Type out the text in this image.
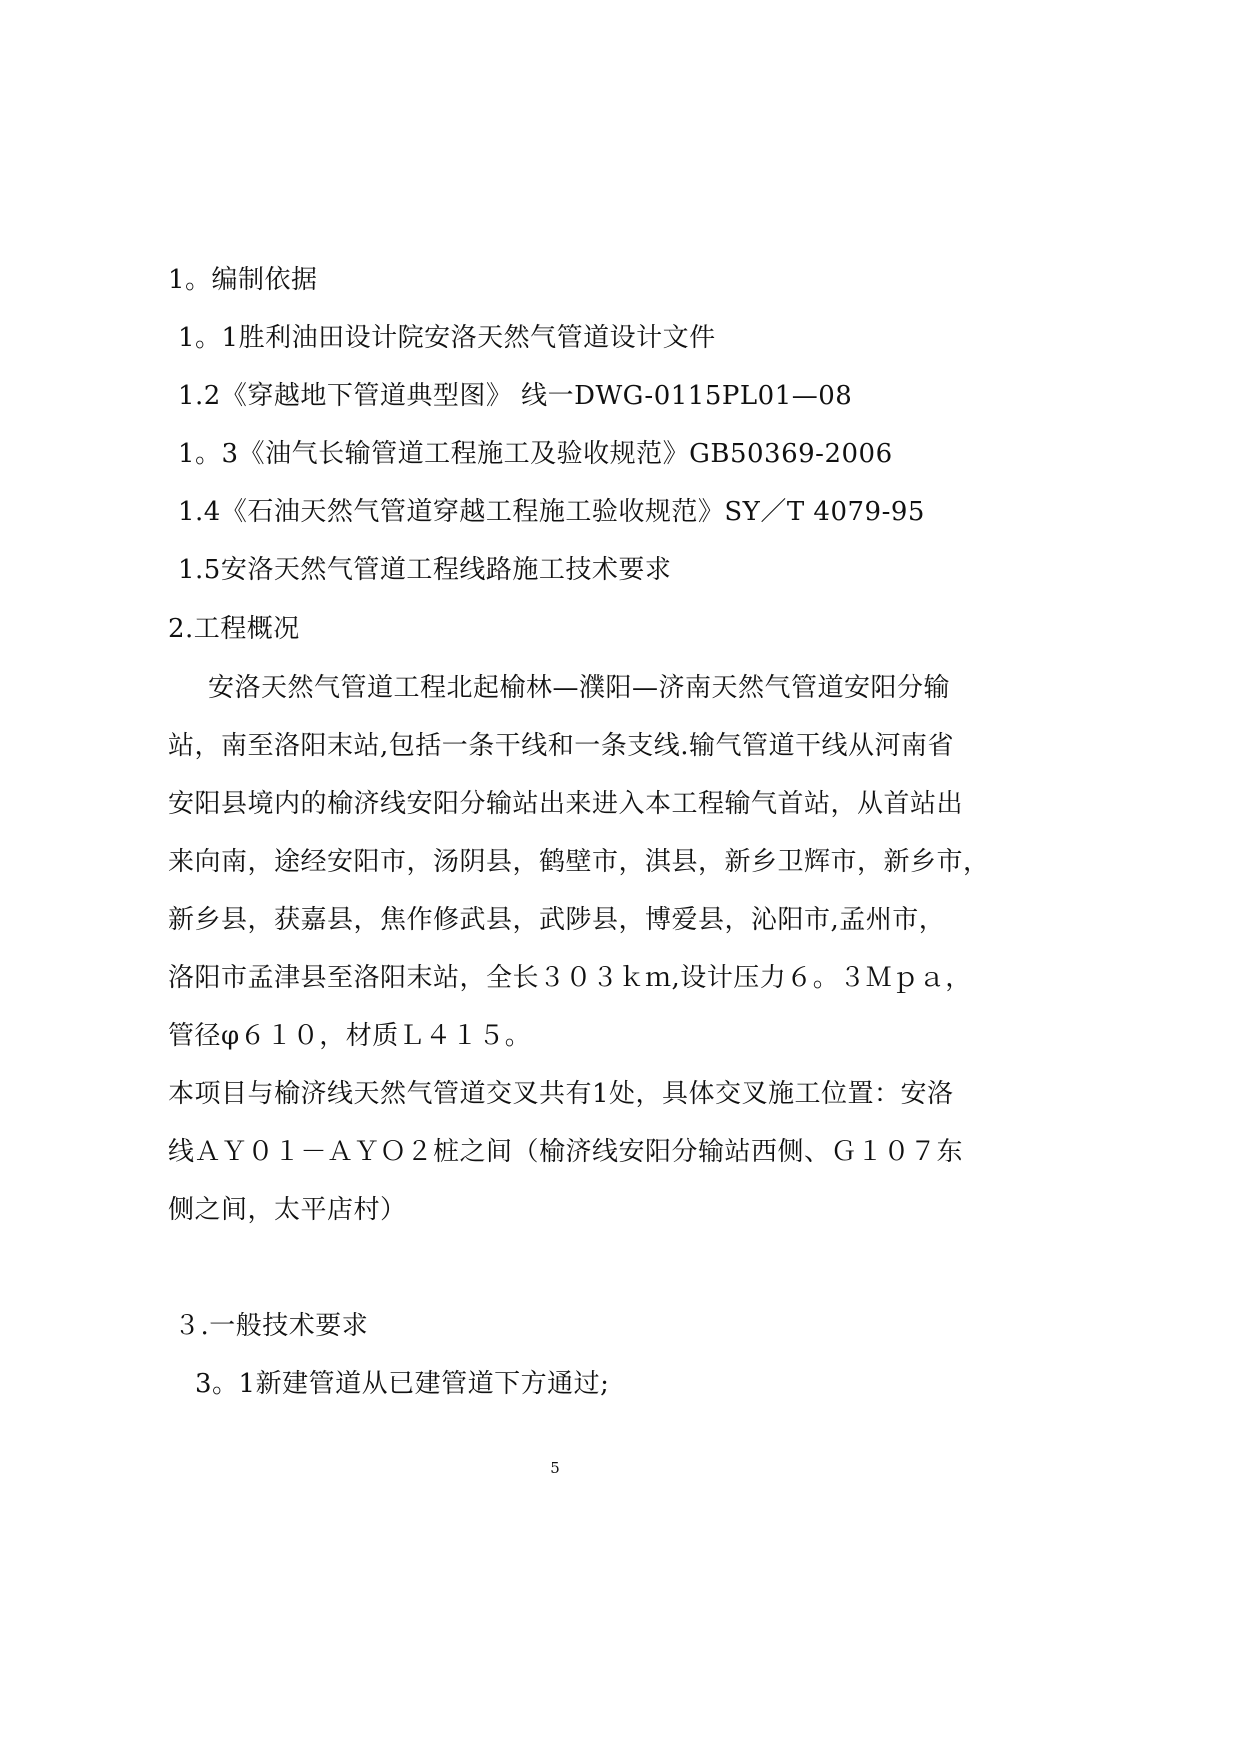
1。编制依据
1。1胜利油田设计院安洛天然气管道设计文件
1.2《穿越地下管道典型图》 线一DWG-0115PL01—08
1。3《油气长输管道工程施工及验收规范》GB50369-2006
1.4《石油天然气管道穿越工程施工验收规范》SY／T 4079-95
1.5安洛天然气管道工程线路施工技术要求
2.工程概况
安洛天然气管道工程北起榆林—濮阳—济南天然气管道安阳分输
站，南至洛阳末站,包括一条干线和一条支线.输气管道干线从河南省
安阳县境内的榆济线安阳分输站出来进入本工程输气首站，从首站出
来向南，途经安阳市，汤阴县，鹤壁市，淇县，新乡卫辉市，新乡市，
新乡县，获嘉县，焦作修武县，武陟县，博爱县，沁阳市,孟州市，
洛阳市孟津县至洛阳末站，全长３０３ｋｍ,设计压力６。３Ｍｐａ，
管径φ６１０，材质Ｌ４１５。
本项目与榆济线天然气管道交叉共有1处，具体交叉施工位置：安洛
线ＡＹ０１－ＡＹＯ２桩之间（榆济线安阳分输站西侧、Ｇ１０７东
侧之间，太平店村）
３.一般技术要求
3。1新建管道从已建管道下方通过;
5
